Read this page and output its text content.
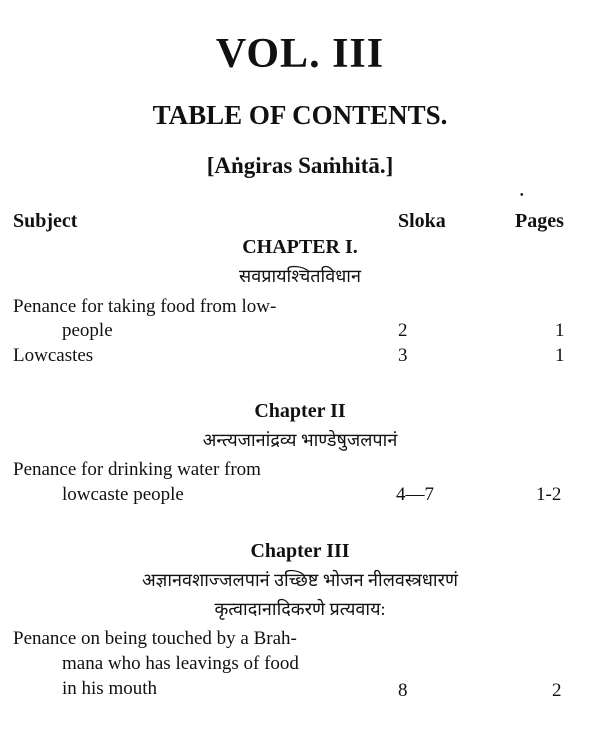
VOL. III
TABLE OF CONTENTS.
[Aṅgiras Saṁhitā.]
•
Subject	Sloka	Pages
CHAPTER I.
सवप्रायश्चितविधान
Penance for taking food from low-
people	2	1
Lowcastes	3	1
Chapter II
अन्त्यजानांद्रव्य भाण्डेषुजलपानं
Penance for drinking water from
lowcaste people	4—7	1-2
Chapter III
अज्ञानवशाज्जलपानं उच्छिष्ट भोजन नीलवस्त्रधारणं
कृत्वादानादिकरणे प्रत्यवाय:
Penance on being touched by a Brah-
mana who has leavings of food
in his mouth	8	2
